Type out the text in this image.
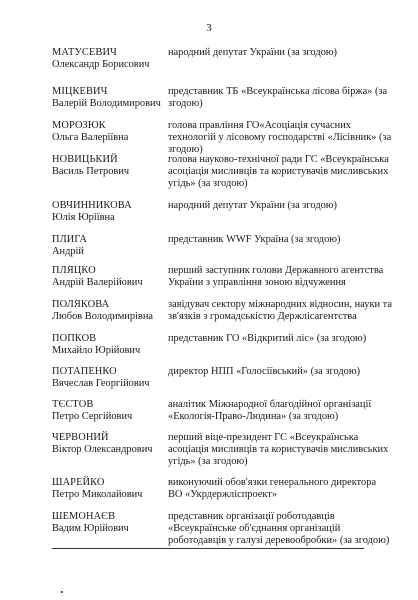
3
МАТУСЕВИЧ
Олександр Борисович
народний депутат України (за згодою)
МІЦКЕВИЧ
Валерій Володимирович
представник ТБ «Всеукраїнська лісова біржа» (за згодою)
МОРОЗЮК
Ольга Валеріївна
голова правління ГО«Асоціація сучасних технологій у лісовому господарстві «Лісівник» (за згодою)
НОВИЦЬКИЙ
Василь Петрович
голова науково-технічної ради ГС «Всеукраїнська асоціація мисливців та користувачів мисливських угідь» (за згодою)
ОВЧИННИКОВА
Юлія Юріївна
народний депутат України (за згодою)
ПЛИГА
Андрій
представник WWF Україна (за згодою)
ПЛЯЦКО
Андрій Валерійович
перший заступник голови Державного агентства України з управління зоною відчуження
ПОЛЯКОВА
Любов Володимирівна
завідувач сектору міжнародних відносин, науки та зв'язків з громадськістю Держлісагентства
ПОПКОВ
Михайло Юрійович
представник ГО «Відкритий ліс» (за згодою)
ПОТАПЕНКО
Вячеслав Георгійович
директор НПП «Голосіївський» (за згодою)
ТЄСТОВ
Петро Сергійович
аналітик Міжнародної благодійної організації «Екологія-Право-Людина» (за згодою)
ЧЕРВОНИЙ
Віктор Олександрович
перший віце-президент ГС «Всеукраїнська асоціація мисливців та користувачів мисливських угідь» (за згодою)
ШАРЕЙКО
Петро Миколайович
виконуючий обов'язки генерального директора ВО «Укрдержліспроект»
ШЕМОНАЄВ
Вадим Юрійович
представник організації роботодавців «Всеукраїнське об'єднання організацій роботодавців у галузі деревообробки» (за згодою)
